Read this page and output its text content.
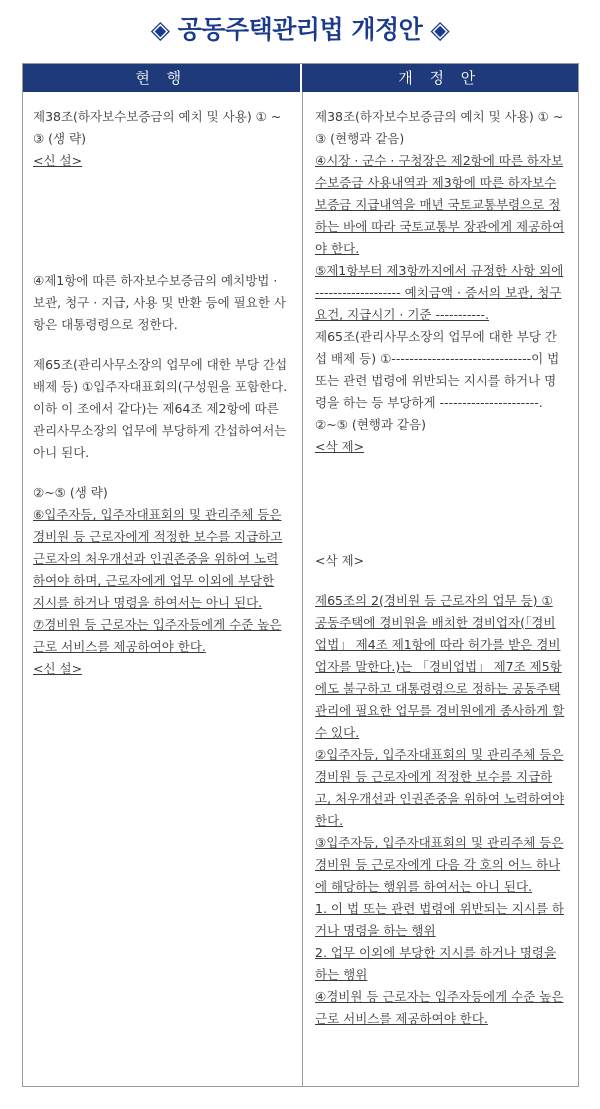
◈ 공동주택관리법 개정안 ◈
현 행	개 정 안

제38조(하자보수보증금의 예치 및 사용) ① ~ ③ (생 략)

<신 설>

④제1항에 따른 하자보수보증금의 예치방법 · 보관, 청구 · 지급, 사용 및 반환 등에 필요한 사항은 대통령령으로 정한다.

제65조(관리사무소장의 업무에 대한 부당 간섭 배제 등) ①입주자대표회의(구성원을 포함한다. 이하 이 조에서 같다)는 제64조 제2항에 따른 관리사무소장의 업무에 부당하게 간섭하여서는 아니 된다.

②~⑤ (생 략)

⑥입주자등, 입주자대표회의 및 관리주체 등은 경비원 등 근로자에게 적정한 보수를 지급하고 근로자의 처우개선과 인권존중을 위하여 노력하여야 하며, 근로자에게 업무 이외에 부당한 지시를 하거나 명령을 하여서는 아니 된다.

⑦경비원 등 근로자는 입주자등에게 수준 높은 근로 서비스를 제공하여야 한다.

<신 설>

제38조(하자보수보증금의 예치 및 사용) ① ~ ③ (현행과 같음)

④시장 · 군수 · 구청장은 제2항에 따른 하자보수보증금 사용내역과 제3항에 따른 하자보수보증금 지급내역을 매년 국토교통부령으로 정하는 바에 따라 국토교통부 장관에게 제공하여야 한다.

⑤제1항부터 제3항까지에서 규정한 사항 외에 ------------------- 예치금액 · 증서의 보관, 청구요건, 지급시기 · 기준 -----------.

제65조(관리사무소장의 업무에 대한 부당 간섭 배제 등) ①-------------------------------이 법 또는 관련 법령에 위반되는 지시를 하거나 명령을 하는 등 부당하게 ----------------------.

②~⑤ (현행과 같음)

<삭 제>

<삭 제>

제65조의 2(경비원 등 근로자의 업무 등) ① 공동주택에 경비원을 배치한 경비업자(「경비업법」 제4조 제1항에 따라 허가를 받은 경비업자를 말한다.)는 「경비업법」 제7조 제5항에도 불구하고 대통령령으로 정하는 공동주택 관리에 필요한 업무를 경비원에게 종사하게 할 수 있다.

②입주자등, 입주자대표회의 및 관리주체 등은 경비원 등 근로자에게 적정한 보수를 지급하고, 처우개선과 인권존중을 위하여 노력하여야 한다.

③입주자등, 입주자대표회의 및 관리주체 등은 경비원 등 근로자에게 다음 각 호의 어느 하나에 해당하는 행위를 하여서는 아니 된다.

1. 이 법 또는 관련 법령에 위반되는 지시를 하거나 명령을 하는 행위

2. 업무 이외에 부당한 지시를 하거나 명령을 하는 행위

④경비원 등 근로자는 입주자등에게 수준 높은 근로 서비스를 제공하여야 한다.
